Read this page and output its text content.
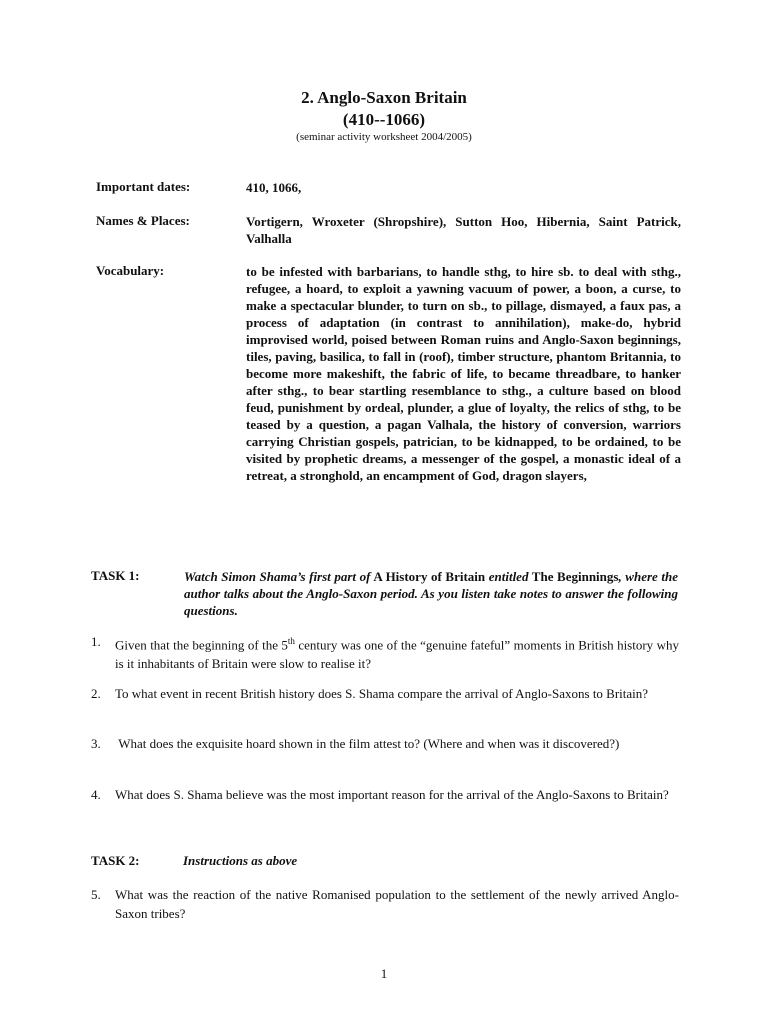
2. Anglo-Saxon Britain
(410--1066)
(seminar activity worksheet 2004/2005)
Important dates:	410, 1066,
Names & Places:	Vortigern, Wroxeter (Shropshire), Sutton Hoo, Hibernia, Saint Patrick, Valhalla
Vocabulary:	to be infested with barbarians, to handle sthg, to hire sb. to deal with sthg., refugee, a hoard, to exploit a yawning vacuum of power, a boon, a curse, to make a spectacular blunder, to turn on sb., to pillage, dismayed, a faux pas, a process of adaptation (in contrast to annihilation), make-do, hybrid improvised world, poised between Roman ruins and Anglo-Saxon beginnings, tiles, paving, basilica, to fall in (roof), timber structure, phantom Britannia, to become more makeshift, the fabric of life, to became threadbare, to hanker after sthg., to bear startling resemblance to sthg., a culture based on blood feud, punishment by ordeal, plunder, a glue of loyalty, the relics of sthg, to be teased by a question, a pagan Valhala, the history of conversion, warriors carrying Christian gospels, patrician, to be kidnapped, to be ordained, to be visited by prophetic dreams, a messenger of the gospel, a monastic ideal of a retreat, a stronghold, an encampment of God, dragon slayers,
TASK 1:	Watch Simon Shama’s first part of A History of Britain entitled The Beginnings, where the author talks about the Anglo-Saxon period. As you listen take notes to answer the following questions.
1. Given that the beginning of the 5th century was one of the “genuine fateful” moments in British history why is it inhabitants of Britain were slow to realise it?
2. To what event in recent British history does S. Shama compare the arrival of Anglo-Saxons to Britain?
3. What does the exquisite hoard shown in the film attest to? (Where and when was it discovered?)
4. What does S. Shama believe was the most important reason for the arrival of the Anglo-Saxons to Britain?
TASK 2:	Instructions as above
5. What was the reaction of the native Romanised population to the settlement of the newly arrived Anglo-Saxon tribes?
1
